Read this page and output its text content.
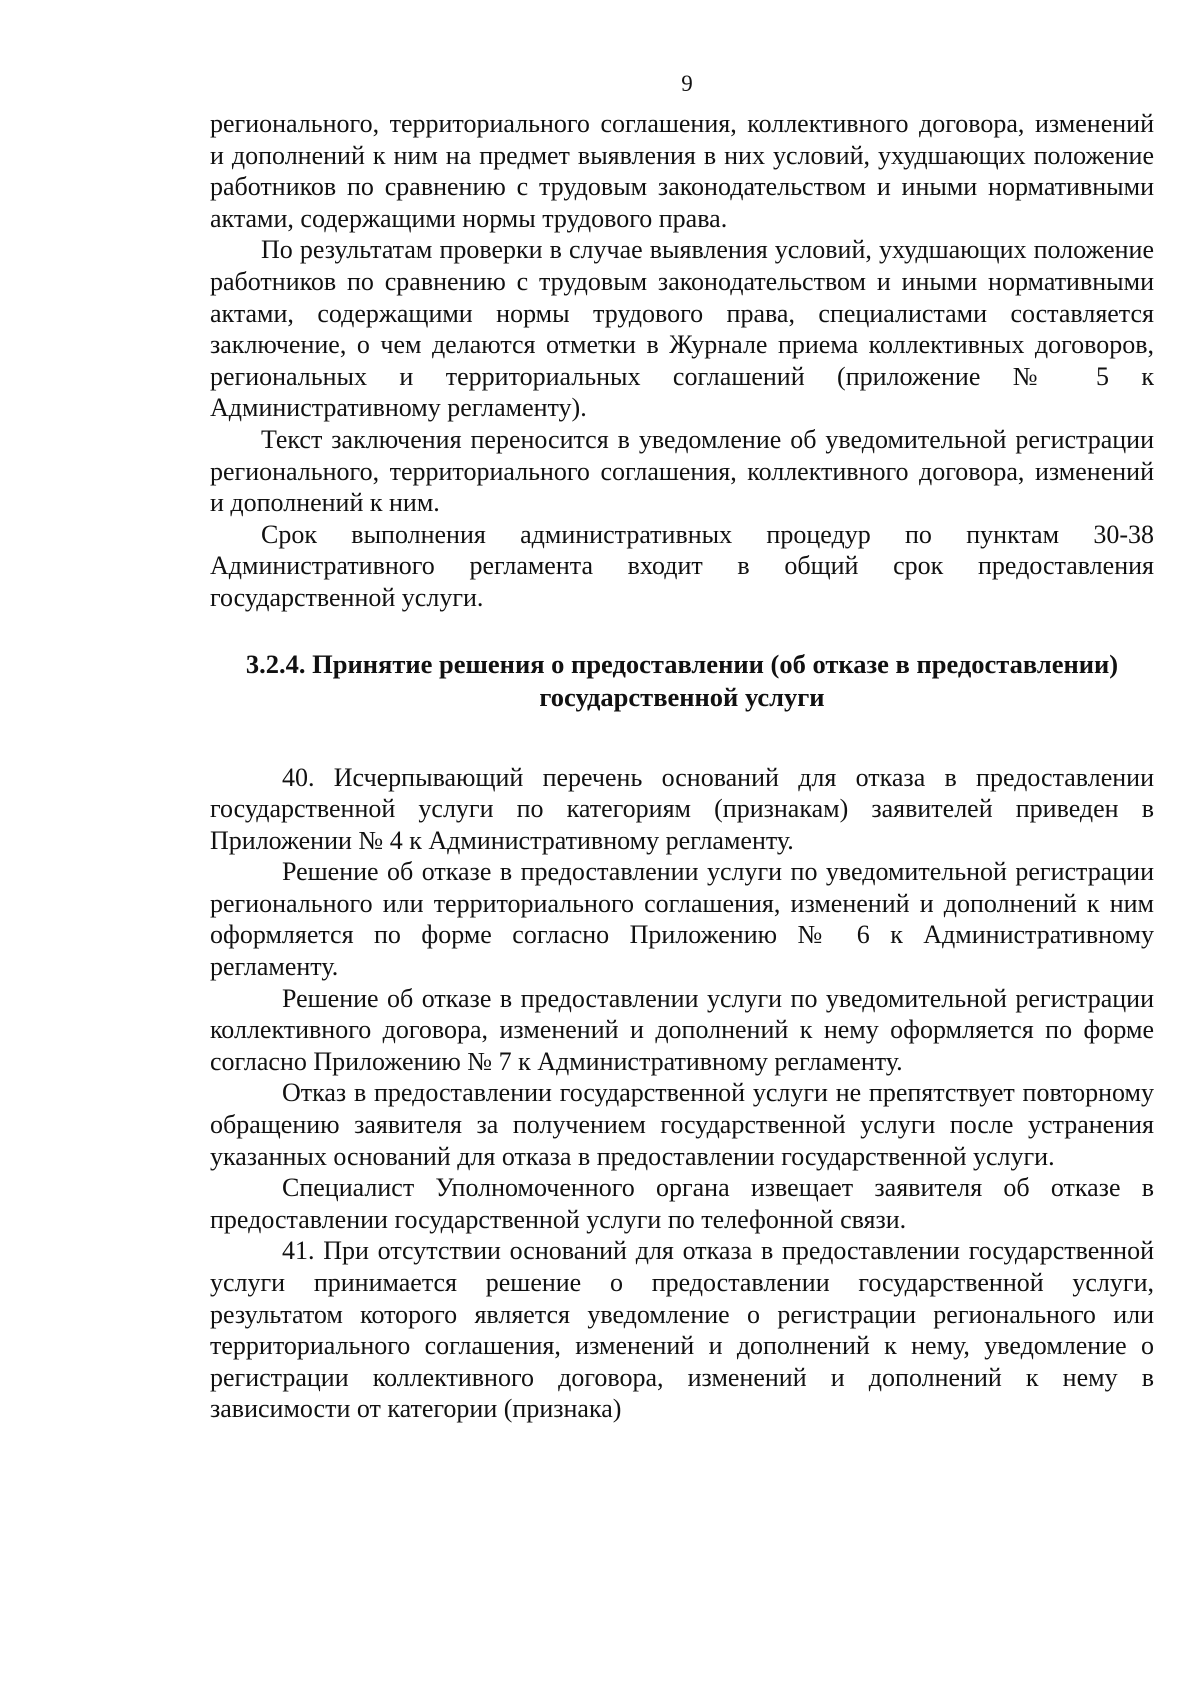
9

регионального, территориального соглашения, коллективного договора, изменений и дополнений к ним на предмет выявления в них условий, ухудшающих положение работников по сравнению с трудовым законодательством и иными нормативными актами, содержащими нормы трудового права.

По результатам проверки в случае выявления условий, ухудшающих положение работников по сравнению с трудовым законодательством и иными нормативными актами, содержащими нормы трудового права, специалистами составляется заключение, о чем делаются отметки в Журнале приема коллективных договоров, региональных и территориальных соглашений (приложение № 5 к Административному регламенту).

Текст заключения переносится в уведомление об уведомительной регистрации регионального, территориального соглашения, коллективного договора, изменений и дополнений к ним.

Срок выполнения административных процедур по пунктам 30-38 Административного регламента входит в общий срок предоставления государственной услуги.

3.2.4. Принятие решения о предоставлении (об отказе в предоставлении)
государственной услуги

40. Исчерпывающий перечень оснований для отказа в предоставлении государственной услуги по категориям (признакам) заявителей приведен в Приложении № 4 к Административному регламенту.

Решение об отказе в предоставлении услуги по уведомительной регистрации регионального или территориального соглашения, изменений и дополнений к ним оформляется по форме согласно Приложению № 6 к Административному регламенту.

Решение об отказе в предоставлении услуги по уведомительной регистрации коллективного договора, изменений и дополнений к нему оформляется по форме согласно Приложению № 7 к Административному регламенту.

Отказ в предоставлении государственной услуги не препятствует повторному обращению заявителя за получением государственной услуги после устранения указанных оснований для отказа в предоставлении государственной услуги.

Специалист Уполномоченного органа извещает заявителя об отказе в предоставлении государственной услуги по телефонной связи.

41. При отсутствии оснований для отказа в предоставлении государственной услуги принимается решение о предоставлении государственной услуги, результатом которого является уведомление о регистрации регионального или территориального соглашения, изменений и дополнений к нему, уведомление о регистрации коллективного договора, изменений и дополнений к нему в зависимости от категории (признака)
